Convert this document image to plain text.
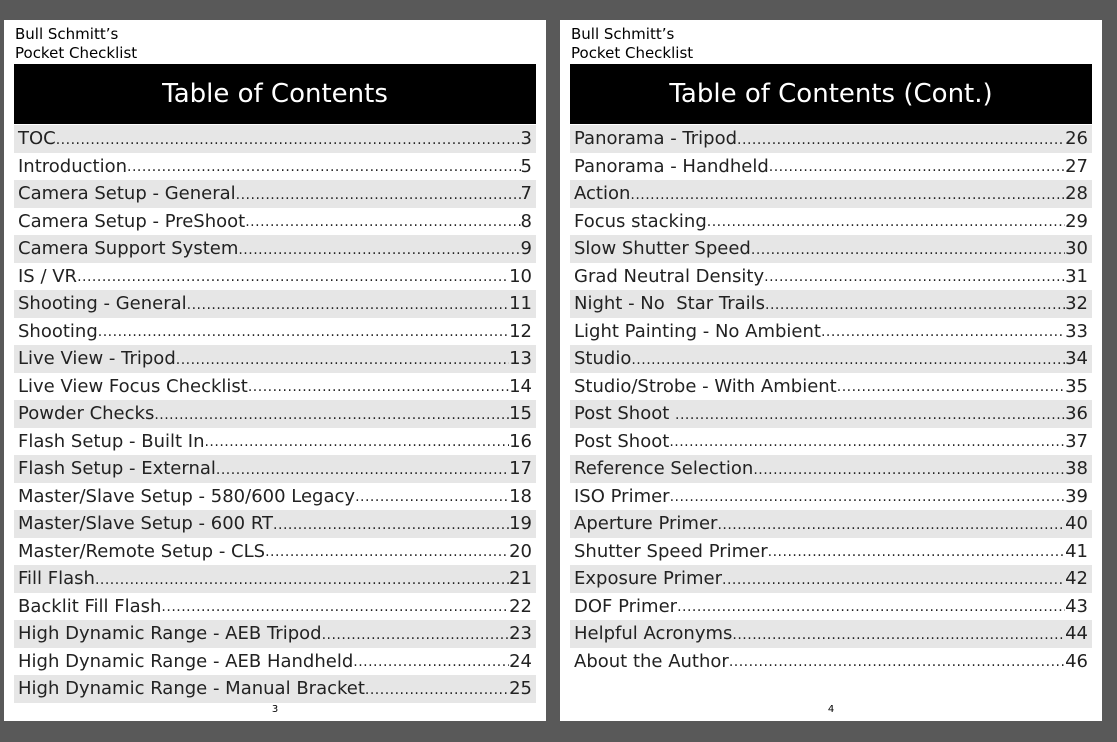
Bull Schmitt’s
Pocket Checklist
Table of Contents
TOC .....	3
Introduction .....	5
Camera Setup - General .....	7
Camera Setup - PreShoot .....	8
Camera Support System .....	9
IS / VR .....	10
Shooting - General .....	11
Shooting .....	12
Live View - Tripod .....	13
Live View Focus Checklist .....	14
Powder Checks .....	15
Flash Setup - Built In .....	16
Flash Setup - External .....	17
Master/Slave Setup - 580/600 Legacy .....	18
Master/Slave Setup - 600 RT .....	19
Master/Remote Setup - CLS .....	20
Fill Flash .....	21
Backlit Fill Flash .....	22
High Dynamic Range - AEB Tripod .....	23
High Dynamic Range - AEB Handheld .....	24
High Dynamic Range - Manual Bracket .....	25
3
Bull Schmitt’s
Pocket Checklist
Table of Contents (Cont.)
Panorama - Tripod .....	26
Panorama - Handheld .....	27
Action .....	28
Focus stacking .....	29
Slow Shutter Speed .....	30
Grad Neutral Density .....	31
Night - No  Star Trails .....	32
Light Painting - No Ambient .....	33
Studio .....	34
Studio/Strobe - With Ambient .....	35
Post Shoot .....	36
Post Shoot .....	37
Reference Selection .....	38
ISO Primer .....	39
Aperture Primer .....	40
Shutter Speed Primer .....	41
Exposure Primer .....	42
DOF Primer .....	43
Helpful Acronyms .....	44
About the Author .....	46
4
